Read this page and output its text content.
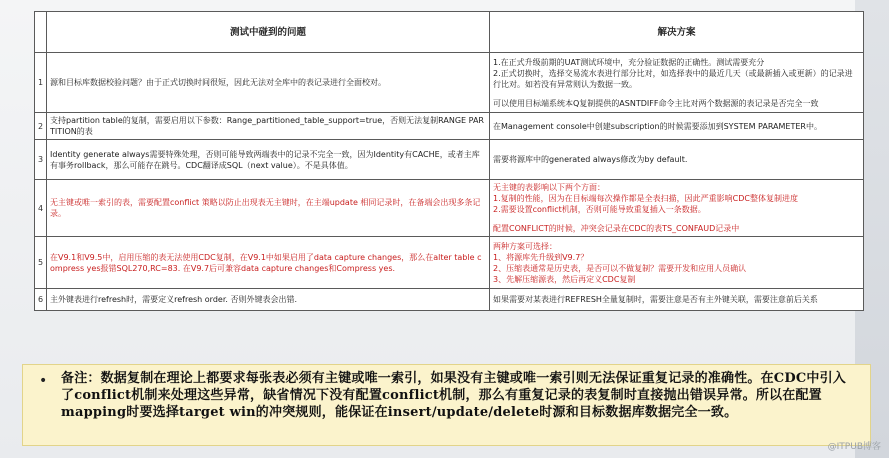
	测试中碰到的问题	解决方案
1	源和目标库数据校验问题？由于正式切换时间很短，因此无法对全库中的表记录进行全面校对。	1.在正式升级前期的UAT测试环境中，充分验证数据的正确性。测试需要充分

2.正式切换时，选择交易流水表进行部分比对，如选择表中的最近几天（或最新插入或更新）的记录进行比对。如若没有异常则认为数据一致。

可以使用目标端系统本Q复制提供的ASNTDIFF命令主比对两个数据源的表记录是否完全一致

2	支持partition table的复制，需要启用以下参数：Range_partitioned_table_support=true，否则无法复制RANGE PARTITION的表	在Management console中创建subscription的时候需要添加到SYSTEM PARAMETER中。

3	Identity generate always需要特殊处理，否则可能导致两端表中的记录不完全一致，因为Identity有CACHE，或者主库有事务rollback，那么可能存在跳号。CDC翻译成SQL（next value）。不是具体值。	需要将源库中的generated always修改为by default.

4	无主键或唯一索引的表，需要配置conflict 策略以防止出现表无主键时，在主端update 相同记录时，在备端会出现多条记录。	无主键的表影响以下两个方面：

1.复制的性能，因为在目标端每次操作都是全表扫描，因此严重影响CDC整体复制进度

2.需要设置conflict机制，否则可能导致重复插入一条数据。

配置CONFLICT的时候，冲突会记录在CDC的表TS_CONFAUD记录中

5	在V9.1和V9.5中，启用压缩的表无法使用CDC复制，在V9.1中如果启用了data capture changes，那么在alter table compress yes报错SQL270,RC=83. 在V9.7后可兼容data capture changes和Compress yes.	两种方案可选择：

1、将源库先升级到V9.7？

2、压缩表通常是历史表，是否可以不做复制？需要开发和应用人员确认

3、先解压缩源表，然后再定义CDC复制

6	主外键表进行refresh时，需要定义refresh order. 否则外键表会出错.	如果需要对某表进行REFRESH全量复制时，需要注意是否有主外键关联，需要注意前后关系

• 备注：数据复制在理论上都要求每张表必须有主键或唯一索引，如果没有主键或唯一索引则无法保证重复记录的准确性。在CDC中引入了conflict机制来处理这些异常，缺省情况下没有配置conflict机制，那么有重复记录的表复制时直接抛出错误异常。所以在配置mapping时要选择target win的冲突规则，能保证在insert/update/delete时源和目标数据库数据完全一致。
@ITPUB博客
